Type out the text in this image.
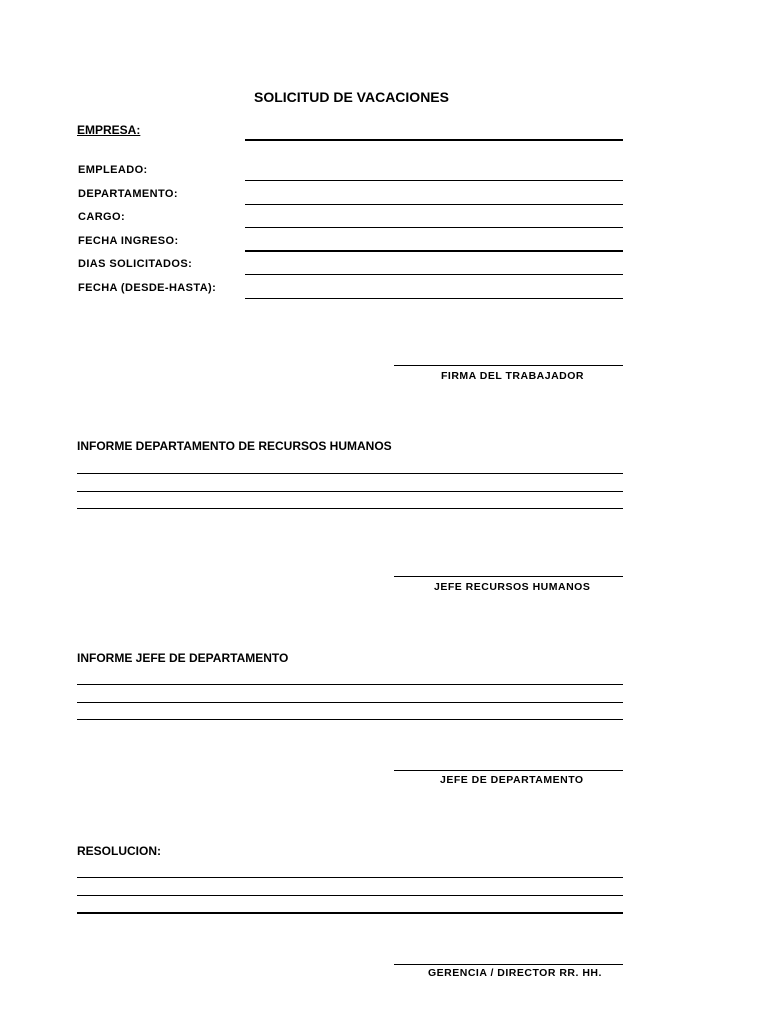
SOLICITUD DE VACACIONES
EMPRESA:
EMPLEADO:
DEPARTAMENTO:
CARGO:
FECHA INGRESO:
DIAS SOLICITADOS:
FECHA (DESDE-HASTA):
FIRMA DEL TRABAJADOR
INFORME DEPARTAMENTO DE RECURSOS HUMANOS
JEFE RECURSOS HUMANOS
INFORME JEFE DE DEPARTAMENTO
JEFE DE DEPARTAMENTO
RESOLUCION:
GERENCIA / DIRECTOR RR. HH.
